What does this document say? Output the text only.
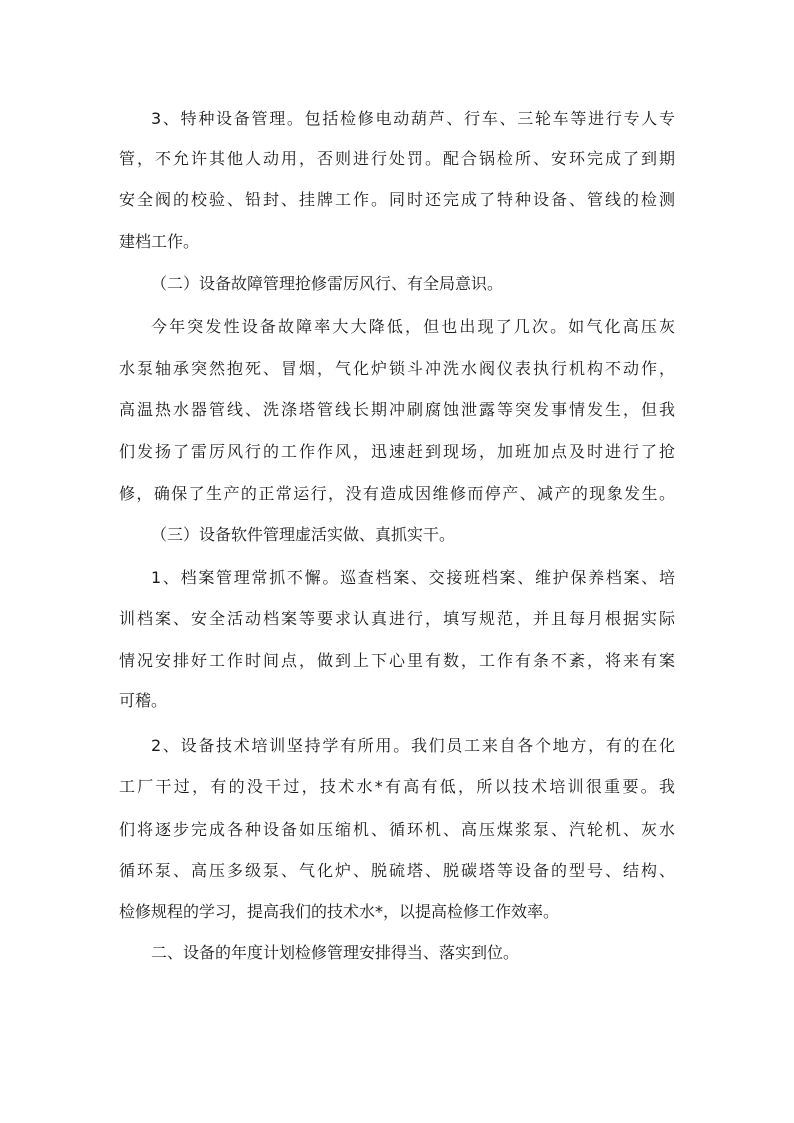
3、特种设备管理。包括检修电动葫芦、行车、三轮车等进行专人专
管，不允许其他人动用，否则进行处罚。配合锅检所、安环完成了到期
安全阀的校验、铅封、挂牌工作。同时还完成了特种设备、管线的检测
建档工作。
（二）设备故障管理抢修雷厉风行、有全局意识。
今年突发性设备故障率大大降低，但也出现了几次。如气化高压灰
水泵轴承突然抱死、冒烟，气化炉锁斗冲洗水阀仪表执行机构不动作，
高温热水器管线、洗涤塔管线长期冲刷腐蚀泄露等突发事情发生，但我
们发扬了雷厉风行的工作作风，迅速赶到现场，加班加点及时进行了抢
修，确保了生产的正常运行，没有造成因维修而停产、减产的现象发生。
（三）设备软件管理虚活实做、真抓实干。
1、档案管理常抓不懈。巡查档案、交接班档案、维护保养档案、培
训档案、安全活动档案等要求认真进行，填写规范，并且每月根据实际
情况安排好工作时间点，做到上下心里有数，工作有条不紊，将来有案
可稽。
2、设备技术培训坚持学有所用。我们员工来自各个地方，有的在化
工厂干过，有的没干过，技术水*有高有低，所以技术培训很重要。我
们将逐步完成各种设备如压缩机、循环机、高压煤浆泵、汽轮机、灰水
循环泵、高压多级泵、气化炉、脱硫塔、脱碳塔等设备的型号、结构、
检修规程的学习，提高我们的技术水*，以提高检修工作效率。
二、设备的年度计划检修管理安排得当、落实到位。
